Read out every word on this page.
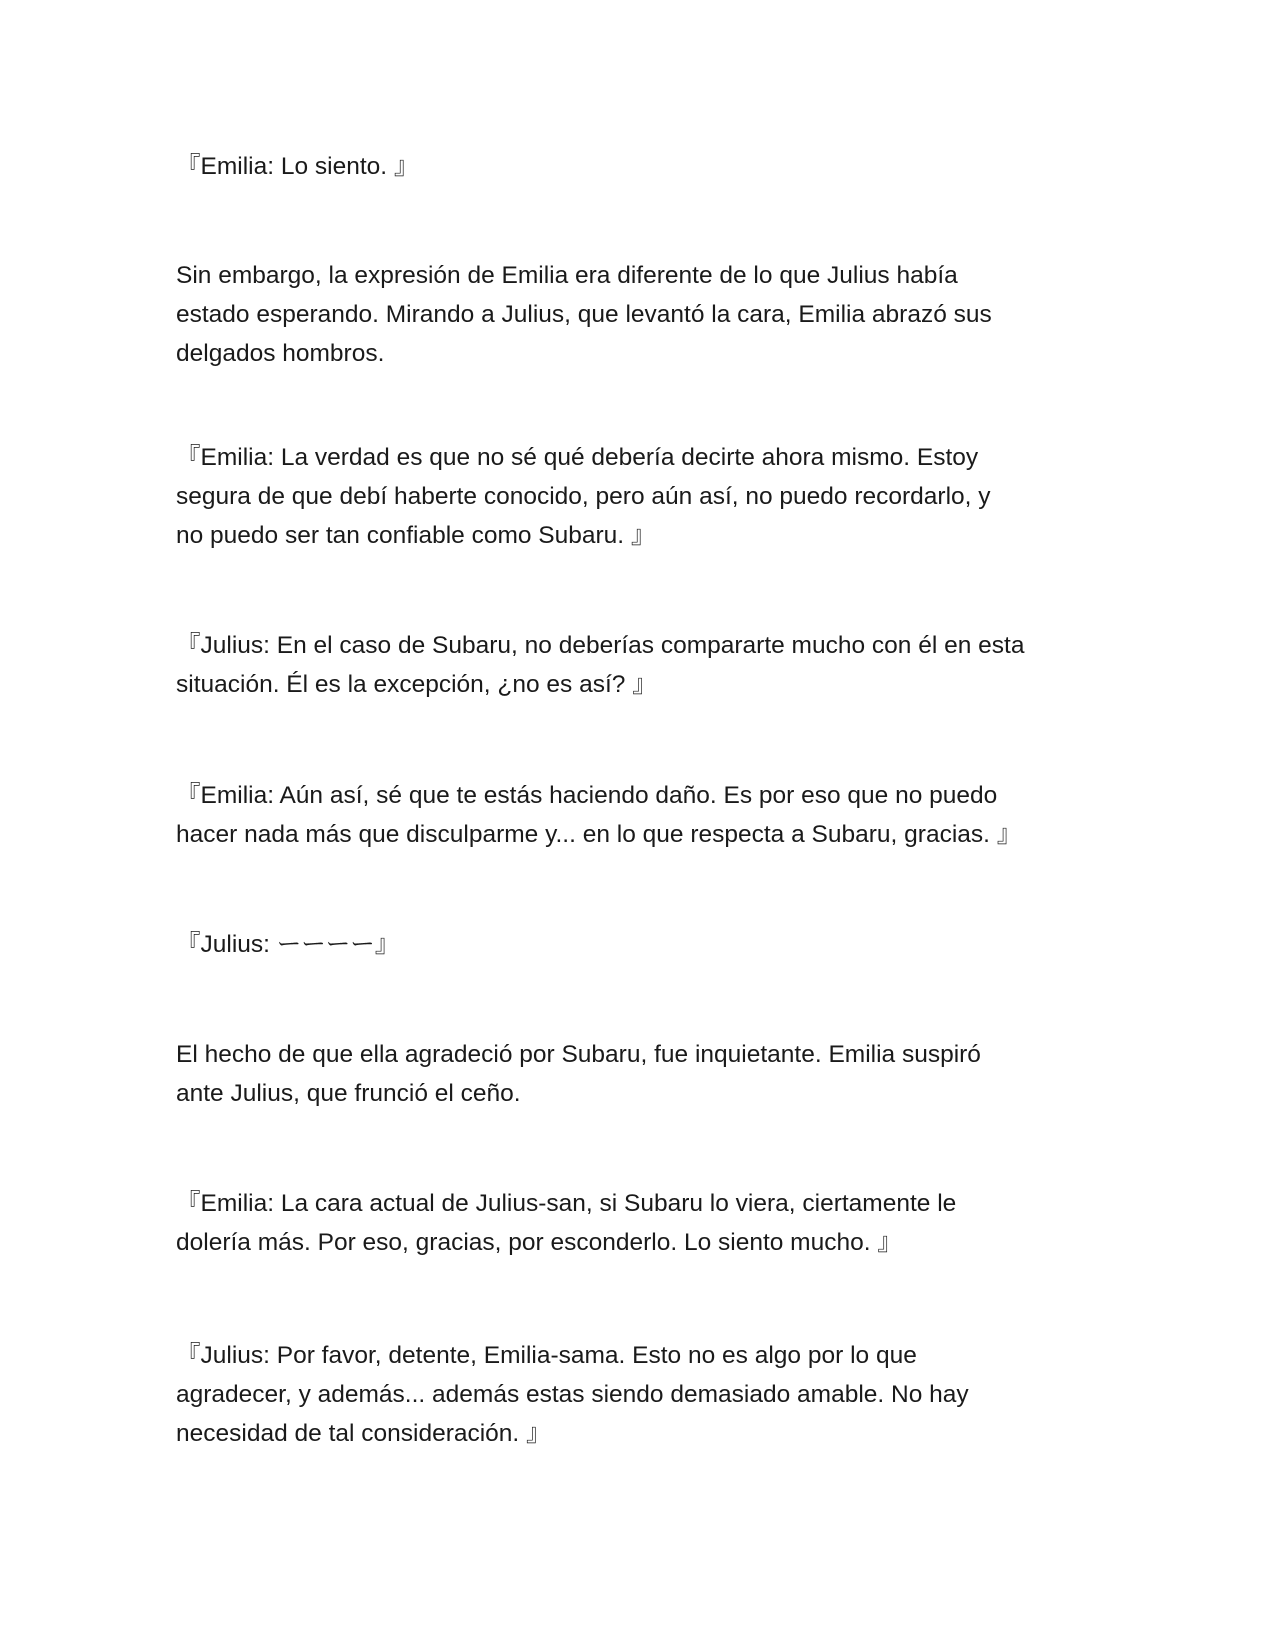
『Emilia: Lo siento. 』

Sin embargo, la expresión de Emilia era diferente de lo que Julius había
estado esperando. Mirando a Julius, que levantó la cara, Emilia abrazó sus
delgados hombros.

『Emilia: La verdad es que no sé qué debería decirte ahora mismo. Estoy
segura de que debí haberte conocido, pero aún así, no puedo recordarlo, y
no puedo ser tan confiable como Subaru. 』

『Julius: En el caso de Subaru, no deberías compararte mucho con él en esta
situación. Él es la excepción, ¿no es así? 』

『Emilia: Aún así, sé que te estás haciendo daño. Es por eso que no puedo
hacer nada más que disculparme y... en lo que respecta a Subaru, gracias. 』

『Julius: ーーーー』

El hecho de que ella agradeció por Subaru, fue inquietante. Emilia suspiró
ante Julius, que frunció el ceño.

『Emilia: La cara actual de Julius-san, si Subaru lo viera, ciertamente le
dolería más. Por eso, gracias, por esconderlo. Lo siento mucho. 』

『Julius: Por favor, detente, Emilia-sama. Esto no es algo por lo que
agradecer, y además... además estas siendo demasiado amable. No hay
necesidad de tal consideración. 』
